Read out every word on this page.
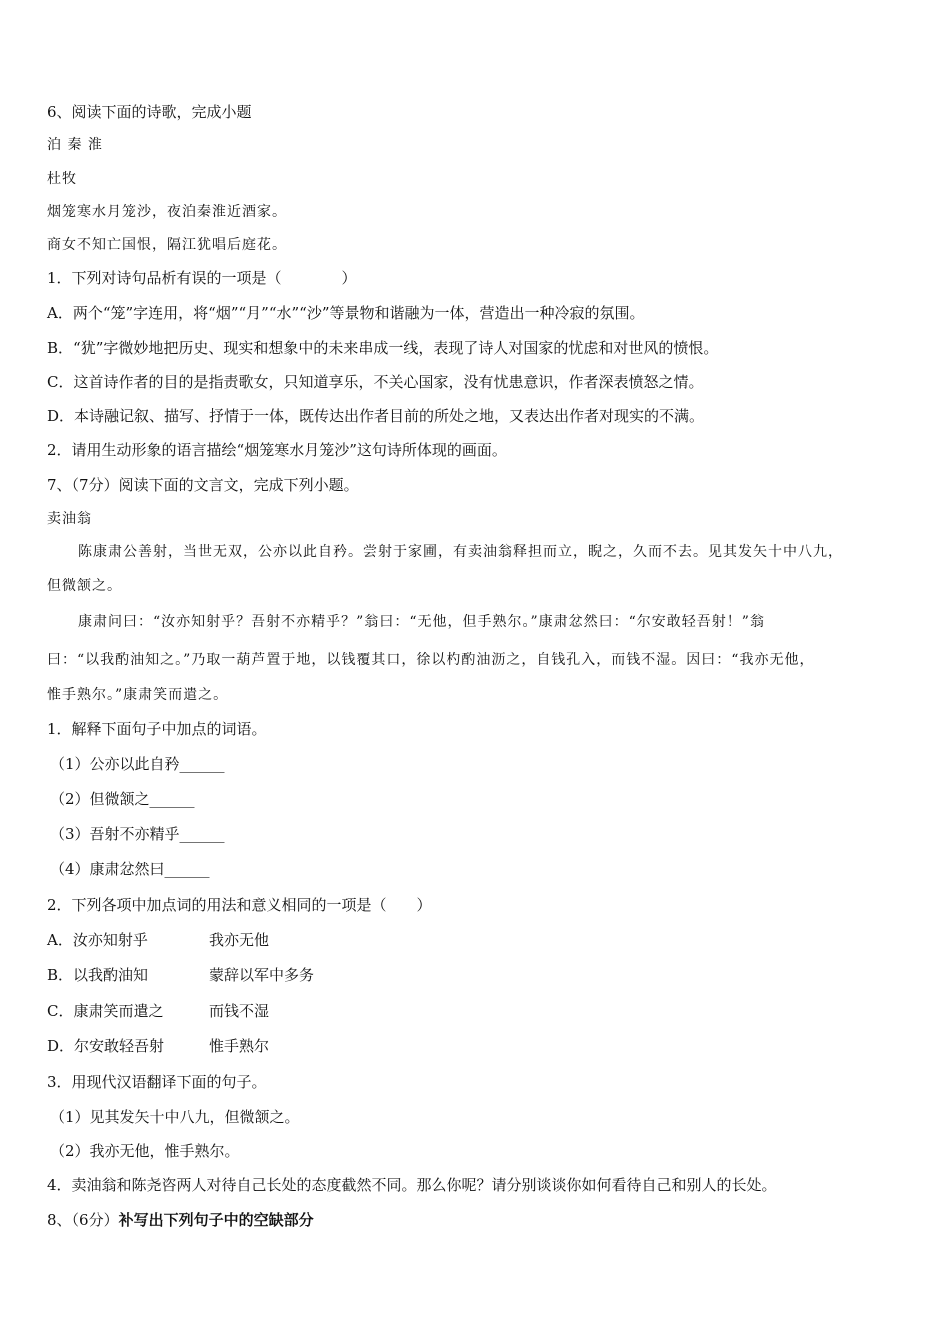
6、阅读下面的诗歌，完成小题
泊 秦 淮
杜牧
烟笼寒水月笼沙，夜泊秦淮近酒家。
商女不知亡国恨，隔江犹唱后庭花。
1．下列对诗句品析有误的一项是（　　　　）
A．两个“笼”字连用，将“烟”“月”“水”“沙”等景物和谐融为一体，营造出一种冷寂的氛围。
B．“犹”字微妙地把历史、现实和想象中的未来串成一线，表现了诗人对国家的忧虑和对世风的愤恨。
C．这首诗作者的目的是指责歌女，只知道享乐，不关心国家，没有忧患意识，作者深表愤怒之情。
D．本诗融记叙、描写、抒情于一体，既传达出作者目前的所处之地，又表达出作者对现实的不满。
2．请用生动形象的语言描绘“烟笼寒水月笼沙”这句诗所体现的画面。
7、（7分）阅读下面的文言文，完成下列小题。
卖油翁
陈康肃公善射，当世无双，公亦以此自矜。尝射于家圃，有卖油翁释担而立，睨之，久而不去。见其发矢十中八九，
但微颔之。
康肃问曰：“汝亦知射乎？吾射不亦精乎？”翁曰：“无他，但手熟尔。”康肃忿然曰：“尔安敢轻吾射！”翁
曰：“以我酌油知之。”乃取一葫芦置于地，以钱覆其口，徐以杓酌油沥之，自钱孔入，而钱不湿。因曰：“我亦无他，
惟手熟尔。”康肃笑而遣之。
1．解释下面句子中加点的词语。
（1）公亦以此自矜______
（2）但微颔之______
（3）吾射不亦精乎______
（4）康肃忿然曰______
2．下列各项中加点词的用法和意义相同的一项是（　　）
A．汝亦知射乎	我亦无他
B．以我酌油知	蒙辞以军中多务
C．康肃笑而遣之	而钱不湿
D．尔安敢轻吾射	惟手熟尔
3．用现代汉语翻译下面的句子。
（1）见其发矢十中八九，但微颔之。
（2）我亦无他，惟手熟尔。
4．卖油翁和陈尧咨两人对待自己长处的态度截然不同。那么你呢？请分别谈谈你如何看待自己和别人的长处。
8、（6分）补写出下列句子中的空缺部分
